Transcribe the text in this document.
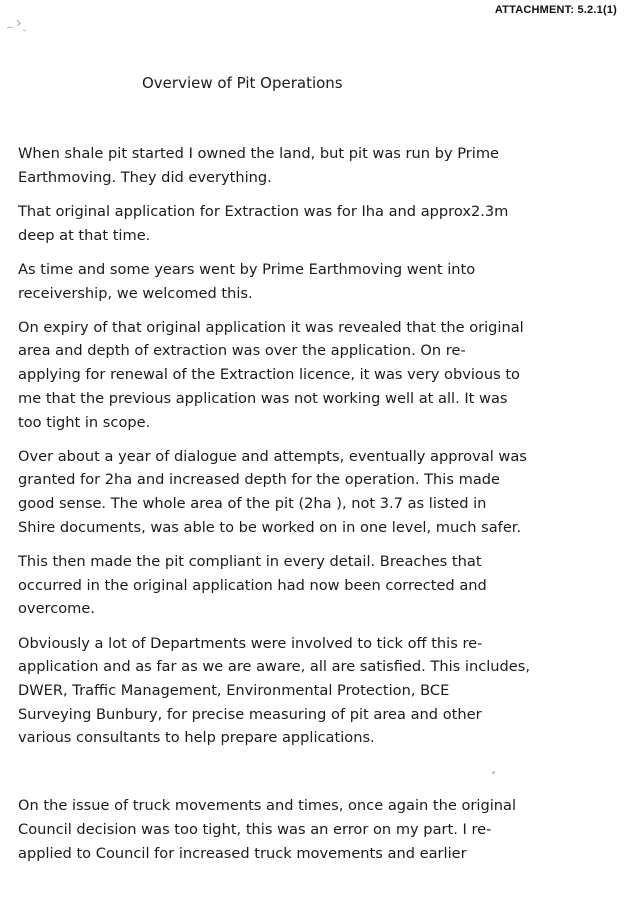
ATTACHMENT: 5.2.1(1)
Overview of Pit Operations

When shale pit started I owned the land, but pit was run by Prime
Earthmoving. They did everything.

That original application for Extraction was for Iha and approx2.3m
deep at that time.

As time and some years went by Prime Earthmoving went into
receivership, we welcomed this.

On expiry of that original application it was revealed that the original
area and depth of extraction was over the application. On re-
applying for renewal of the Extraction licence, it was very obvious to
me that the previous application was not working well at all. It was
too tight in scope.

Over about a year of dialogue and attempts, eventually approval was
granted for 2ha and increased depth for the operation. This made
good sense. The whole area of the pit (2ha ), not 3.7 as listed in
Shire documents, was able to be worked on in one level, much safer.

This then made the pit compliant in every detail. Breaches that
occurred in the original application had now been corrected and
overcome.

Obviously a lot of Departments were involved to tick off this re-
application and as far as we are aware, all are satisfied. This includes,
DWER, Traffic Management, Environmental Protection, BCE
Surveying Bunbury, for precise measuring of pit area and other
various consultants to help prepare applications.

On the issue of truck movements and times, once again the original
Council decision was too tight, this was an error on my part. I re-
applied to Council for increased truck movements and earlier
